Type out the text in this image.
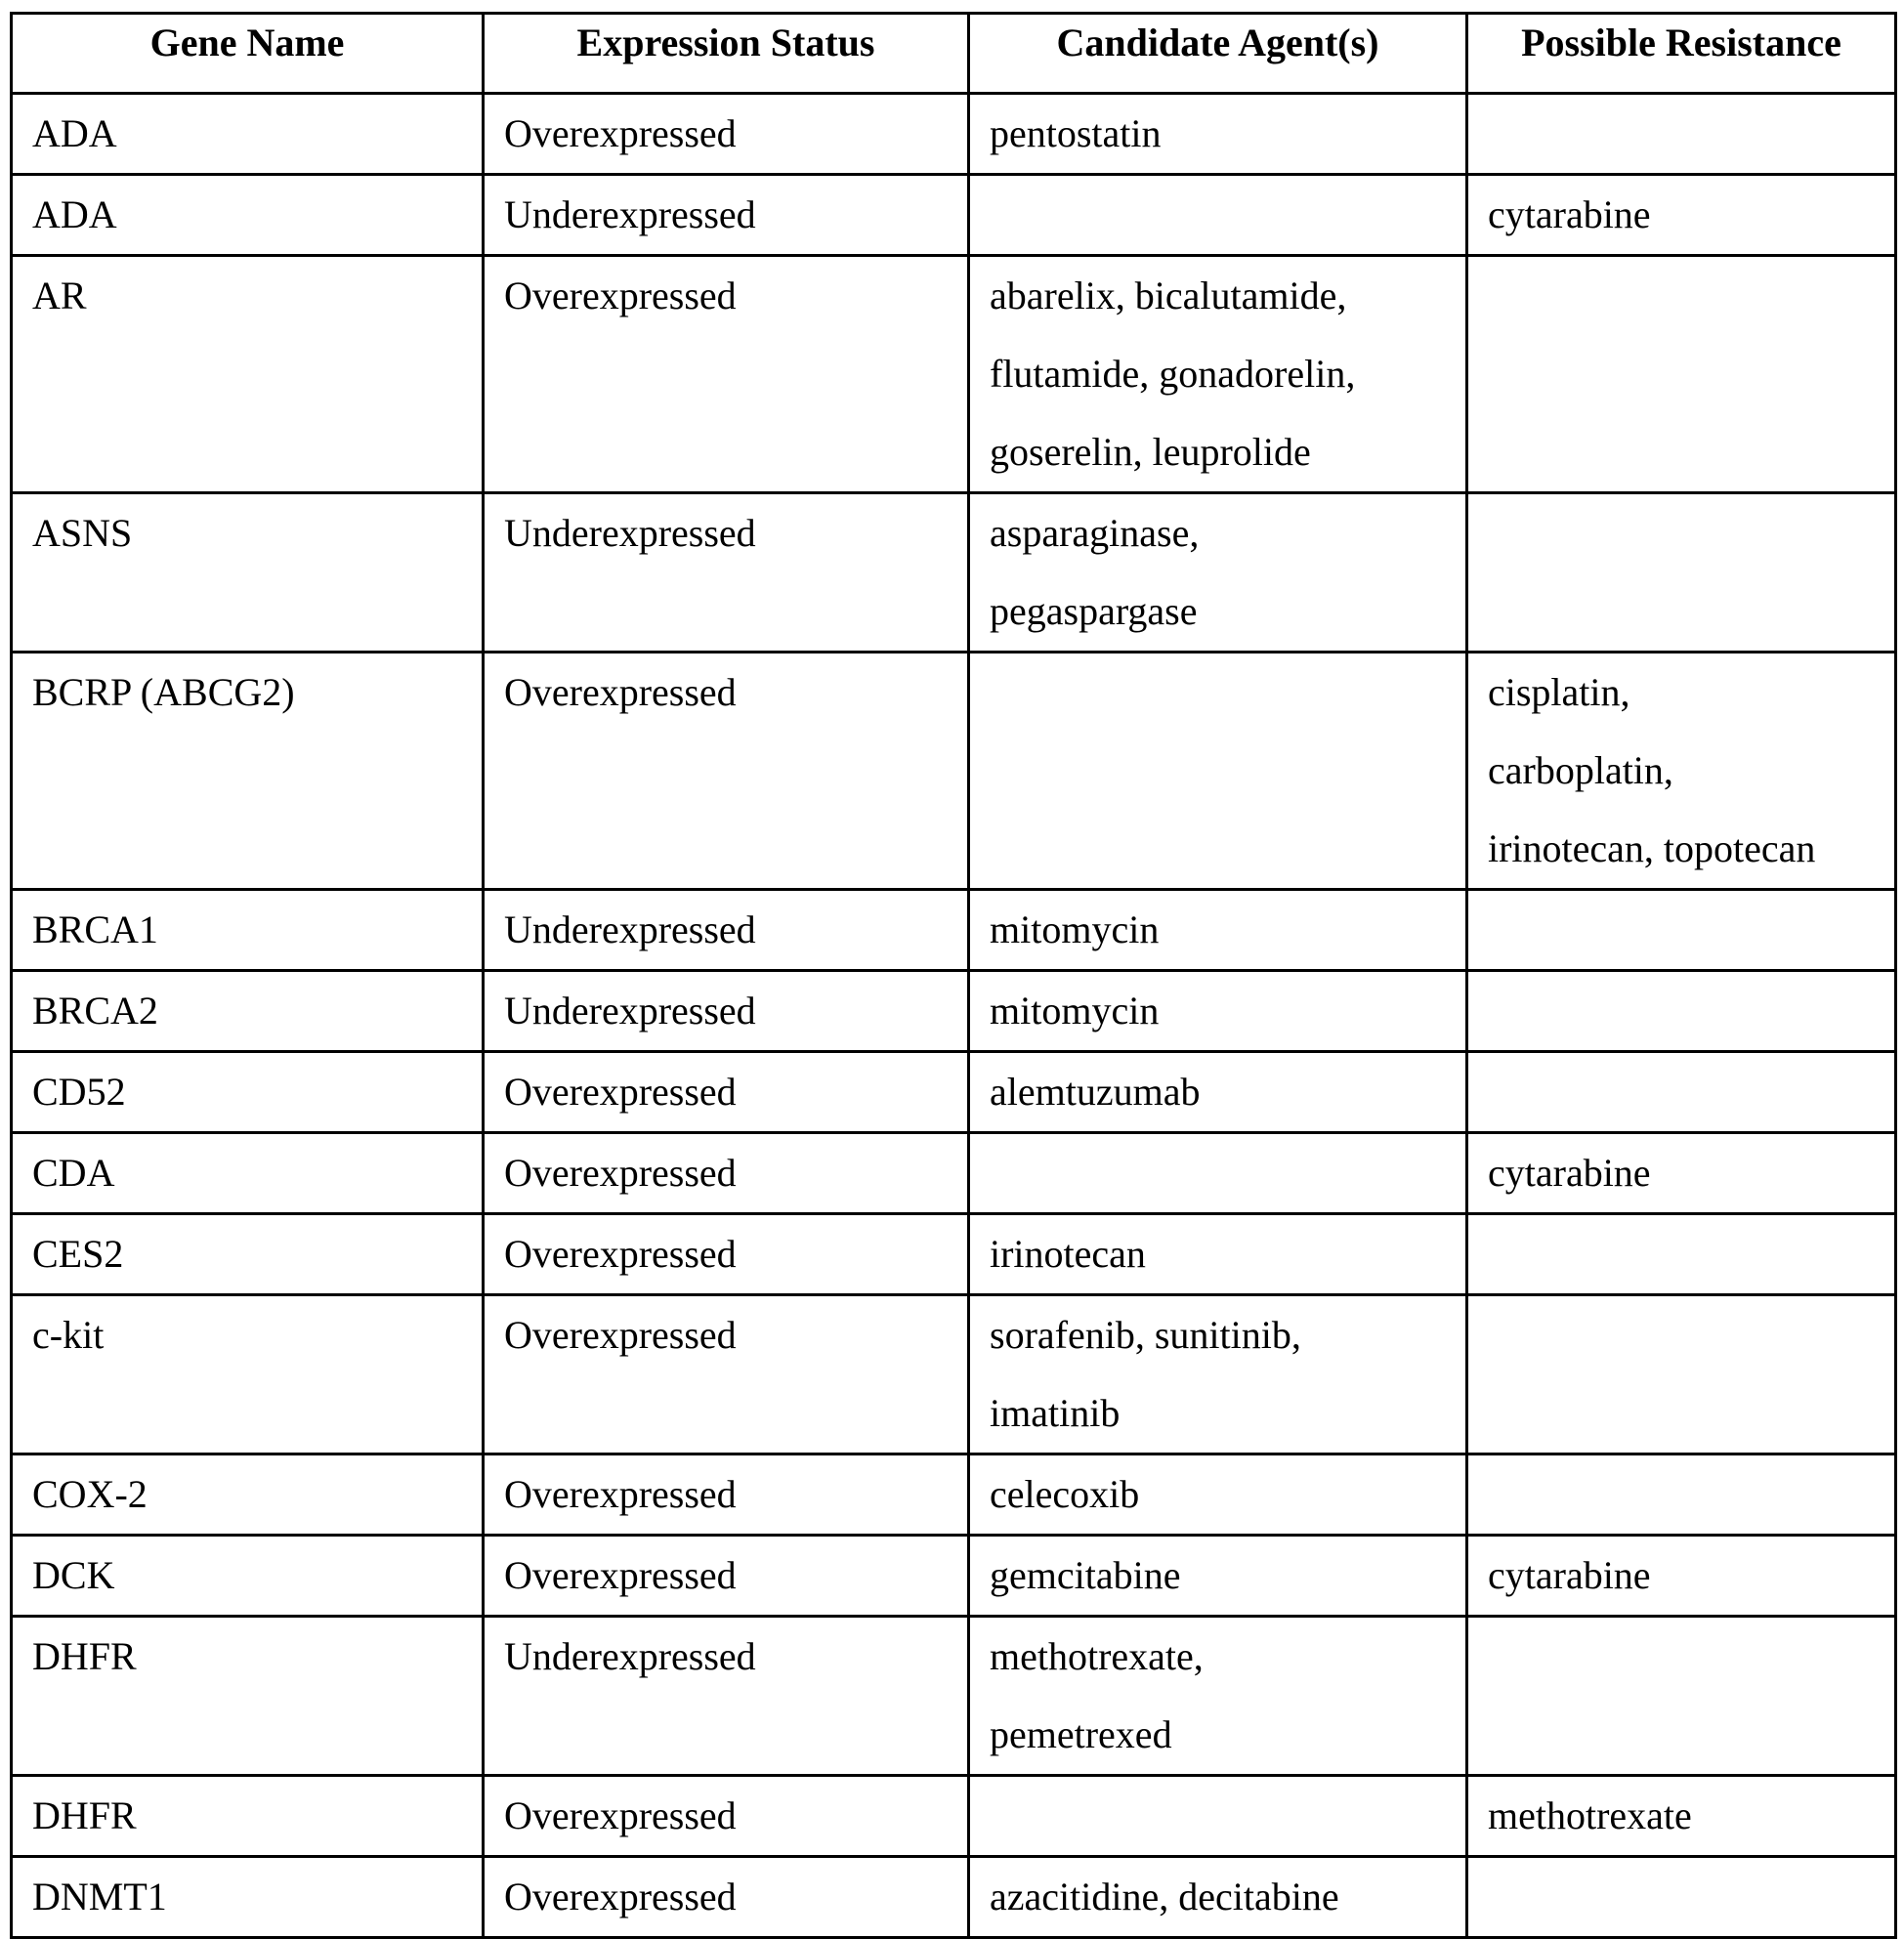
Gene Name	Expression Status	Candidate Agent(s)	Possible Resistance
ADA	Overexpressed	pentostatin	

ADA	Underexpressed		cytarabine

AR	Overexpressed	abarelix, bicalutamide,
flutamide, gonadorelin,
goserelin, leuprolide	

ASNS	Underexpressed	asparaginase,
pegaspargase	

BCRP (ABCG2)	Overexpressed		cisplatin,
carboplatin,
irinotecan, topotecan

BRCA1	Underexpressed	mitomycin	

BRCA2	Underexpressed	mitomycin	

CD52	Overexpressed	alemtuzumab	

CDA	Overexpressed		cytarabine

CES2	Overexpressed	irinotecan	

c-kit	Overexpressed	sorafenib, sunitinib,
imatinib	

COX-2	Overexpressed	celecoxib	

DCK	Overexpressed	gemcitabine	cytarabine

DHFR	Underexpressed	methotrexate,
pemetrexed	

DHFR	Overexpressed		methotrexate

DNMT1	Overexpressed	azacitidine, decitabine	
